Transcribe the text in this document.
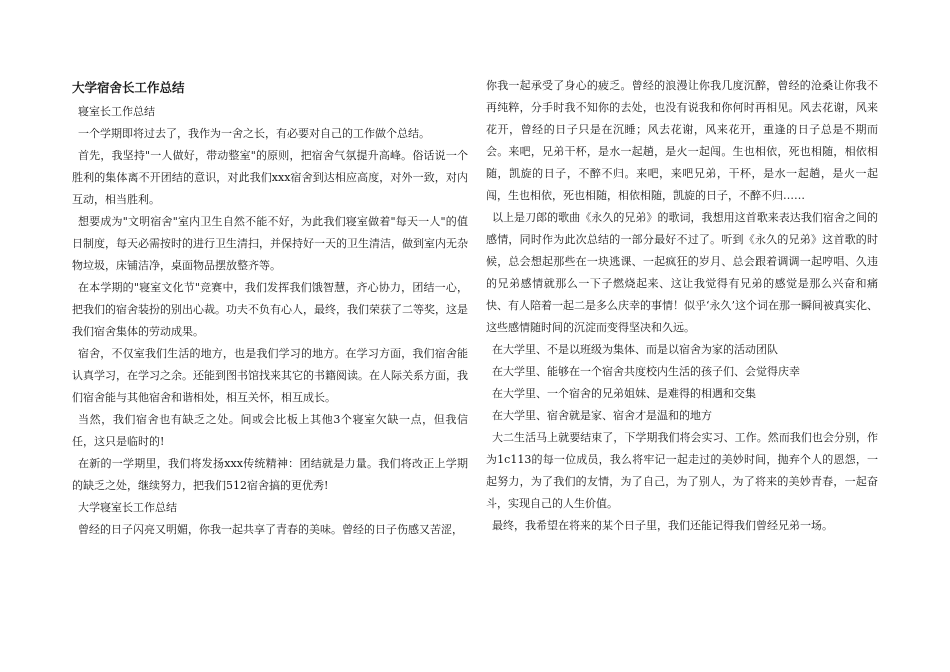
大学宿舍长工作总结

寝室长工作总结

一个学期即将过去了，我作为一舍之长，有必要对自己的工作做个总结。

首先，我坚持"一人做好，带动整室"的原则，把宿舍气氛提升高峰。俗话说一个胜利的集体离不开团结的意识，对此我们xxx宿舍到达相应高度，对外一致，对内互动，相当胜利。

想要成为"文明宿舍"室内卫生自然不能不好，为此我们寝室做着"每天一人"的值日制度，每天必需按时的进行卫生清扫，并保持好一天的卫生清洁，做到室内无杂物垃圾，床铺洁净，桌面物品摆放整齐等。

在本学期的"寝室文化节"竞赛中，我们发挥我们饿智慧，齐心协力，团结一心，把我们的宿舍装扮的别出心裁。功夫不负有心人，最终，我们荣获了二等奖，这是我们宿舍集体的劳动成果。

宿舍，不仅室我们生活的地方，也是我们学习的地方。在学习方面，我们宿舍能认真学习，在学习之余。还能到图书馆找来其它的书籍阅读。在人际关系方面，我们宿舍能与其他宿舍和谐相处，相互关怀，相互成长。

当然，我们宿舍也有缺乏之处。间或会比板上其他3个寝室欠缺一点，但我信任，这只是临时的!

在新的一学期里，我们将发扬xxx传统精神：团结就是力量。我们将改正上学期的缺乏之处，继续努力，把我们512宿舍搞的更优秀!

大学寝室长工作总结

曾经的日子闪亮又明媚，你我一起共享了青春的美味。曾经的日子伤感又苦涩，

你我一起承受了身心的疲乏。曾经的浪漫让你我几度沉醉，曾经的沧桑让你我不再纯粹，分手时我不知你的去处，也没有说我和你何时再相见。风去花谢，风来花开，曾经的日子只是在沉睡；风去花谢，风来花开，重逢的日子总是不期而会。来吧，兄弟干杯，是水一起趟，是火一起闯。生也相依，死也相随，相依相随，凯旋的日子，不醉不归。来吧，来吧兄弟，干杯，是水一起趟，是火一起闯，生也相依，死也相随，相依相随，凯旋的日子，不醉不归……

以上是刀郎的歌曲《永久的兄弟》的歌词，我想用这首歌来表达我们宿舍之间的感情，同时作为此次总结的一部分最好不过了。听到《永久的兄弟》这首歌的时候，总会想起那些在一块逃课、一起疯狂的岁月、总会跟着调调一起哼唱、久违的兄弟感情就那么一下子燃烧起来、这让我觉得有兄弟的感觉是那么兴奋和痛快、有人陪着一起二是多么庆幸的事情！似乎‘永久’这个词在那一瞬间被真实化、这些感情随时间的沉淀而变得坚决和久远。

在大学里、不是以班级为集体、而是以宿舍为家的活动团队

在大学里、能够在一个宿舍共度校内生活的孩子们、会觉得庆幸

在大学里、一个宿舍的兄弟姐妹、是难得的相遇和交集

在大学里、宿舍就是家、宿舍才是温和的地方

大二生活马上就要结束了，下学期我们将会实习、工作。然而我们也会分别，作为1c113的每一位成员，我么将牢记一起走过的美妙时间，抛弃个人的恩怨，一起努力，为了我们的友情，为了自己，为了别人，为了将来的美妙青春，一起奋斗，实现自己的人生价值。

最终，我希望在将来的某个日子里，我们还能记得我们曾经兄弟一场。
